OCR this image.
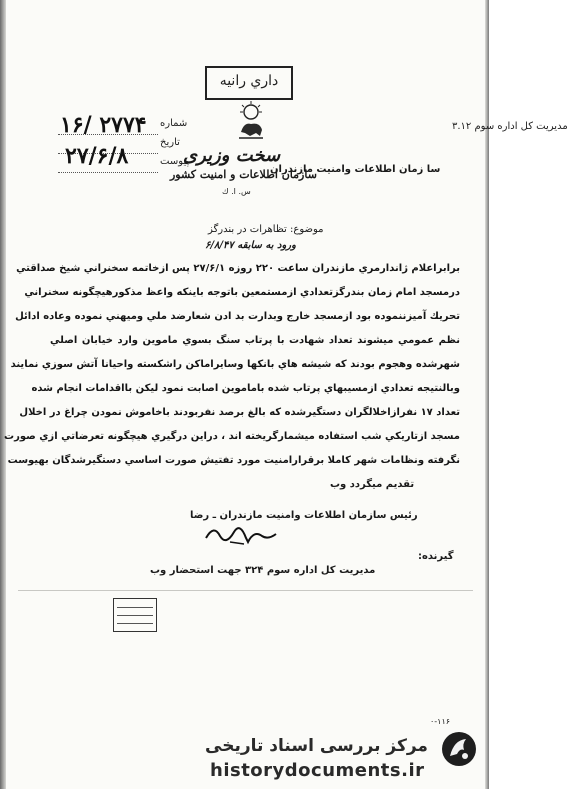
داري رانيه
مديريت كل اداره سوم ۳.۱۲
شماره
تاريخ
پيوست
۱۶/ ۲۷۷۴
۲۷/۶/۸	سخت وزيرى
سازمان اطلاعات و امنيت كشور
س. ا. ك
سا زمان اطلاعات وامنيت مازندران
موضوع: تظاهرات در بندرگز
ورود به سابقه ۶/۸/۴۷
برابراعلام ژاندارمري مازندران ساعت ۲۲۰ روزه ۲۷/۶/۱ پس ازخاتمه سخنراني شيخ صداقتي
درمسجد امام زمان بندرگزتعدادي ازمستمعين باتوجه باينكه واعظ مذكورهيچگونه سخنراني
تحريك آميزننموده بود ازمسجد خارج وبدارت بد ادن شعارضد ملي وميهني نموده وعاده ادائل
نظم عمومي ميشوند تعداد شهادت با پرتاب سنگ بسوي ماموين وارد خيابان اصلي
شهرشده وهجوم بودند كه شيشه هاي بانكها وسايراماكن راشكسته واحيانا آتش سوزي نمايند
وبالنتيجه تعدادي ازمسيبهاي پرتاب شده باماموين اصابت نمود ليكن بااقدامات انجام شده
تعداد ۱۷ نفرازاخلالگران دستگيرشده كه بالغ برصد نفربودند باخاموش نمودن چراغ در اخلال
مسجد ازتاريكي شب استفاده ميشمارگريخته اند ، دراين درگيري هيچگونه تعرضاتي ازي صورت
نگرفته ونظامات شهر كاملا برقرارامنيت مورد تفتيش صورت اساسي دستگيرشدگان بهيوست
تقديم ميگردد وب
رئيس سازمان اطلاعات وامنيت مازندران ـ رضا
گيرنده:
مديريت كل اداره سوم ۳۲۴ جهت استحضار وب
۰-۱۱۶
مرکز بررسی اسناد تاریخی
historydocuments.ir
